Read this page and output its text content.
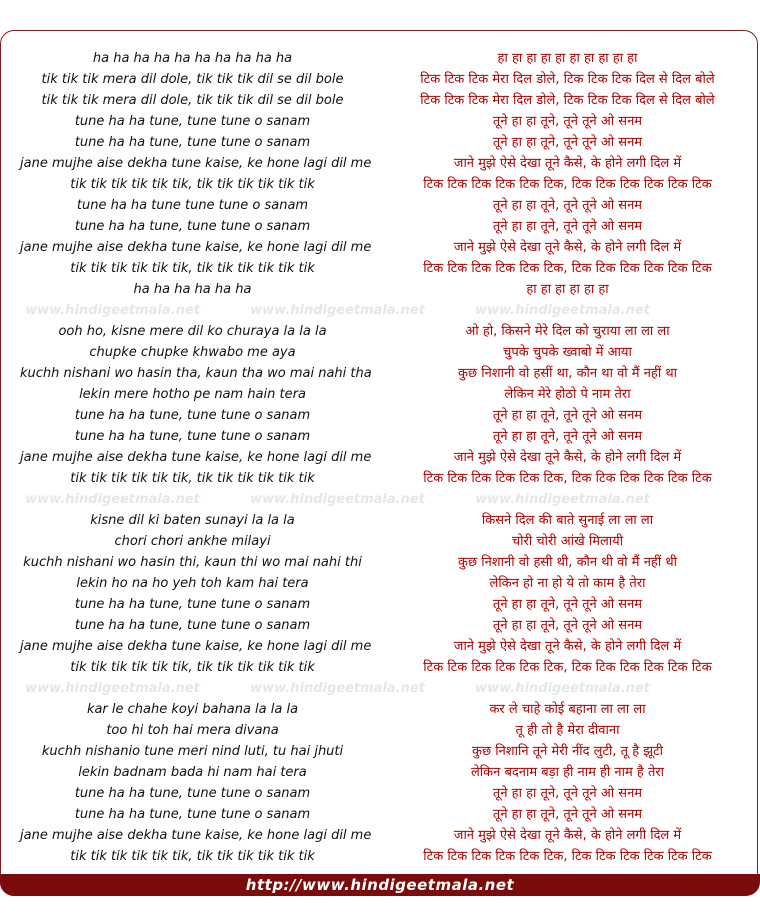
ha ha ha ha ha ha ha ha ha ha
tik tik tik mera dil dole, tik tik tik dil se dil bole
tik tik tik mera dil dole, tik tik tik dil se dil bole
tune ha ha tune, tune tune o sanam
tune ha ha tune, tune tune o sanam
jane mujhe aise dekha tune kaise, ke hone lagi dil me
tik tik tik tik tik tik, tik tik tik tik tik tik
tune ha ha tune tune tune o sanam
tune ha ha tune, tune tune o sanam
jane mujhe aise dekha tune kaise, ke hone lagi dil me
tik tik tik tik tik tik, tik tik tik tik tik tik
ha ha ha ha ha ha
www.hindigeetmala.net	www.hindigeetmala.net	www.hindigeetmala.net
ooh ho, kisne mere dil ko churaya la la la
chupke chupke khwabo me aya
kuchh nishani wo hasin tha, kaun tha wo mai nahi tha
lekin mere hotho pe nam hain tera
tune ha ha tune, tune tune o sanam
tune ha ha tune, tune tune o sanam
jane mujhe aise dekha tune kaise, ke hone lagi dil me
tik tik tik tik tik tik, tik tik tik tik tik tik
www.hindigeetmala.net	www.hindigeetmala.net	www.hindigeetmala.net
kisne dil ki baten sunayi la la la
chori chori ankhe milayi
kuchh nishani wo hasin thi, kaun thi wo mai nahi thi
lekin ho na ho yeh toh kam hai tera
tune ha ha tune, tune tune o sanam
tune ha ha tune, tune tune o sanam
jane mujhe aise dekha tune kaise, ke hone lagi dil me
tik tik tik tik tik tik, tik tik tik tik tik tik
www.hindigeetmala.net	www.hindigeetmala.net	www.hindigeetmala.net
kar le chahe koyi bahana la la la
too hi toh hai mera divana
kuchh nishanio tune meri nind luti, tu hai jhuti
lekin badnam bada hi nam hai tera
tune ha ha tune, tune tune o sanam
tune ha ha tune, tune tune o sanam
jane mujhe aise dekha tune kaise, ke hone lagi dil me
tik tik tik tik tik tik, tik tik tik tik tik tik
हा हा हा हा हा हा हा हा हा हा
टिक टिक टिक मेरा दिल डोले, टिक टिक टिक दिल से दिल बोले
टिक टिक टिक मेरा दिल डोले, टिक टिक टिक दिल से दिल बोले
तूने हा हा तूने, तूने तूने ओ सनम
तूने हा हा तूने, तूने तूने ओ सनम
जाने मुझे ऐसे देखा तूने कैसे, के होने लगी दिल में
टिक टिक टिक टिक टिक टिक, टिक टिक टिक टिक टिक टिक
तूने हा हा तूने, तूने तूने ओ सनम
तूने हा हा तूने, तूने तूने ओ सनम
जाने मुझे ऐसे देखा तूने कैसे, के होने लगी दिल में
टिक टिक टिक टिक टिक टिक, टिक टिक टिक टिक टिक टिक
हा हा हा हा हा हा
ओ हो, किसने मेरे दिल को चुराया ला ला ला
चुपके चुपके ख्वाबो में आया
कुछ निशानी वो हसीं था, कौन था वो मैं नहीं था
लेकिन मेरे होठो पे नाम तेरा
तूने हा हा तूने, तूने तूने ओ सनम
तूने हा हा तूने, तूने तूने ओ सनम
जाने मुझे ऐसे देखा तूने कैसे, के होने लगी दिल में
टिक टिक टिक टिक टिक टिक, टिक टिक टिक टिक टिक टिक
किसने दिल की बाते सुनाई ला ला ला
चोरी चोरी आंखे मिलायी
कुछ निशानी वो हसी थी, कौन थी वो मैं नहीं थी
लेकिन हो ना हो ये तो काम है तेरा
तूने हा हा तूने, तूने तूने ओ सनम
तूने हा हा तूने, तूने तूने ओ सनम
जाने मुझे ऐसे देखा तूने कैसे, के होने लगी दिल में
टिक टिक टिक टिक टिक टिक, टिक टिक टिक टिक टिक टिक
कर ले चाहे कोई बहाना ला ला ला
तू ही तो है मेरा दीवाना
कुछ निशानि तूने मेरी नींद लुटी, तू है झूटी
लेकिन बदनाम बड़ा ही नाम ही नाम है तेरा
तूने हा हा तूने, तूने तूने ओ सनम
तूने हा हा तूने, तूने तूने ओ सनम
जाने मुझे ऐसे देखा तूने कैसे, के होने लगी दिल में
टिक टिक टिक टिक टिक टिक, टिक टिक टिक टिक टिक टिक
http://www.hindigeetmala.net
